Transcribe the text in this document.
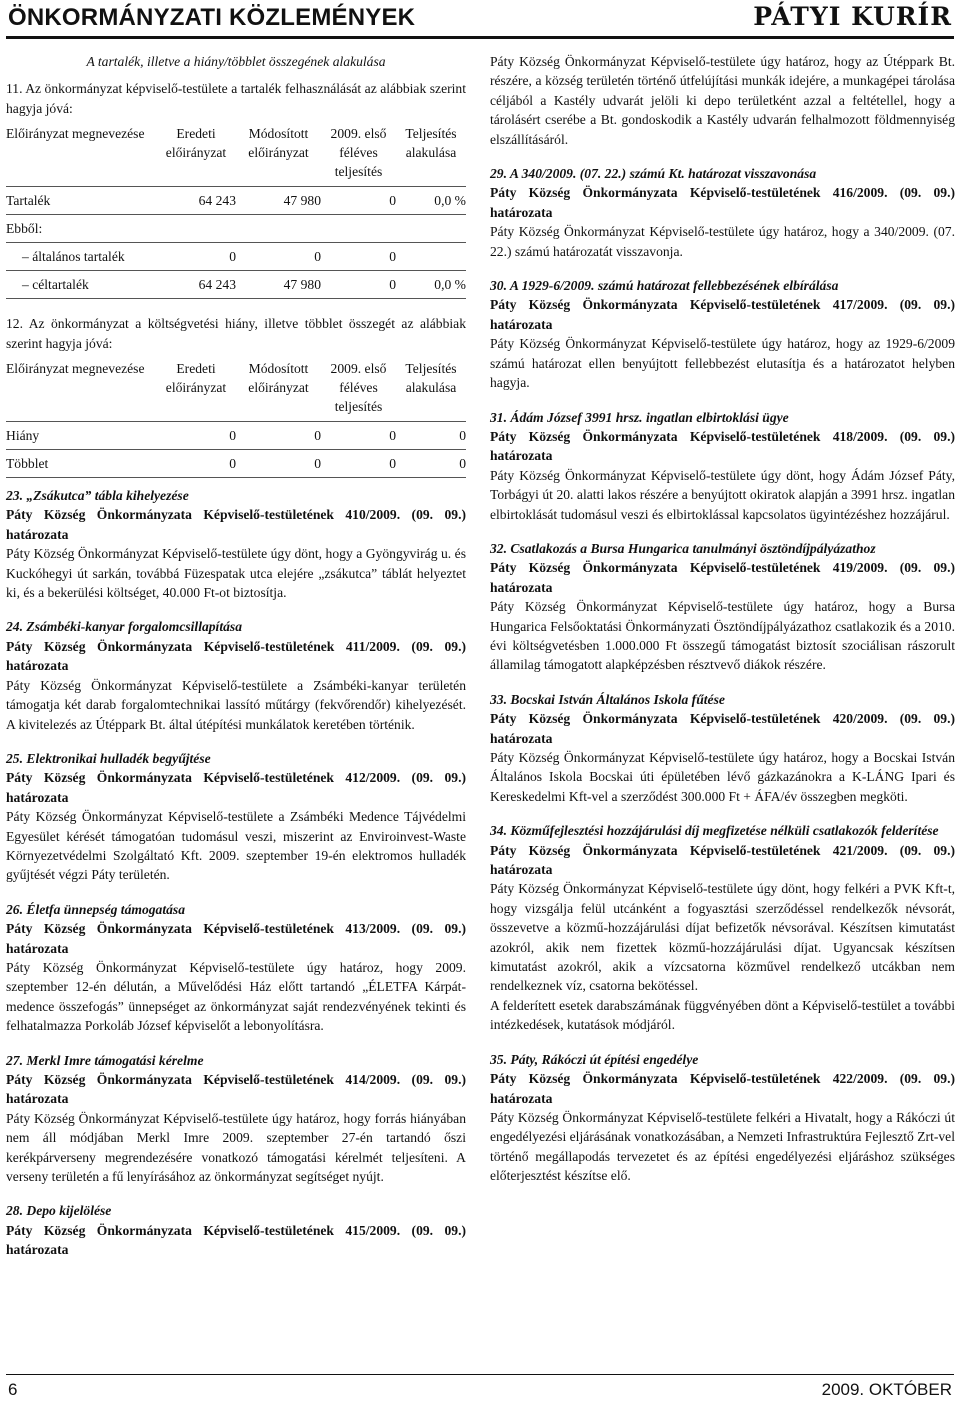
ÖNKORMÁNYZATI KÖZLEMÉNYEK	PÁTYI KURÍR

A tartalék, illetve a hiány/többlet összegének alakulása

11. Az önkormányzat képviselő-testülete a tartalék felhasználását az alábbiak szerint hagyja jóvá:

Előirányzat megnevezése	Eredeti előirányzat	Módosított előirányzat	2009. első féléves teljesítés	Teljesítés alakulása
Tartalék	64 243	47 980	0	0,0 %
Ebből:				
– általános tartalék	0	0	0	
– céltartalék	64 243	47 980	0	0,0 %

12. Az önkormányzat a költségvetési hiány, illetve többlet összegét az alábbiak szerint hagyja jóvá:

Előirányzat megnevezése	Eredeti előirányzat	Módosított előirányzat	2009. első féléves teljesítés	Teljesítés alakulása
Hiány	0	0	0	0
Többlet	0	0	0	0

23. „Zsákutca” tábla kihelyezése

Páty Község Önkormányzata Képviselő-testületének 410/2009. (09. 09.) határozata

Páty Község Önkormányzat Képviselő-testülete úgy dönt, hogy a Gyöngyvirág u. és Kuckóhegyi út sarkán, továbbá Füzespatak utca elejére „zsákutca” táblát helyeztet ki, és a bekerülési költséget, 40.000 Ft-ot biztosítja.

24. Zsámbéki-kanyar forgalomcsillapítása

Páty Község Önkormányzata Képviselő-testületének 411/2009. (09. 09.) határozata

Páty Község Önkormányzat Képviselő-testülete a Zsámbéki-kanyar területén támogatja két darab forgalomtechnikai lassító műtárgy (fekvőrendőr) kihelyezését. A kivitelezés az Útéppark Bt. által útépítési munkálatok keretében történik.

25. Elektronikai hulladék begyűjtése

Páty Község Önkormányzata Képviselő-testületének 412/2009. (09. 09.) határozata

Páty Község Önkormányzat Képviselő-testülete a Zsámbéki Medence Tájvédelmi Egyesület kérését támogatóan tudomásul veszi, miszerint az Enviroinvest-Waste Környezetvédelmi Szolgáltató Kft. 2009. szeptember 19-én elektromos hulladék gyűjtését végzi Páty területén.

26. Életfa ünnepség támogatása

Páty Község Önkormányzata Képviselő-testületének 413/2009. (09. 09.) határozata

Páty Község Önkormányzat Képviselő-testülete úgy határoz, hogy 2009. szeptember 12-én délután, a Művelődési Ház előtt tartandó „ÉLETFA Kárpát-medence összefogás” ünnepséget az önkormányzat saját rendezvényének tekinti és felhatalmazza Porkoláb József képviselőt a lebonyolításra.

27. Merkl Imre támogatási kérelme

Páty Község Önkormányzata Képviselő-testületének 414/2009. (09. 09.) határozata

Páty Község Önkormányzat Képviselő-testülete úgy határoz, hogy forrás hiányában nem áll módjában Merkl Imre 2009. szeptember 27-én tartandó őszi kerékpárverseny megrendezésére vonatkozó támogatási kérelmét teljesíteni. A verseny területén a fű lenyírásához az önkormányzat segítséget nyújt.

28. Depo kijelölése

Páty Község Önkormányzata Képviselő-testületének 415/2009. (09. 09.) határozata

Páty Község Önkormányzat Képviselő-testülete úgy határoz, hogy az Útéppark Bt. részére, a község területén történő útfelújítási munkák idejére, a munkagépei tárolása céljából a Kastély udvarát jelöli ki depo területként azzal a feltétellel, hogy a tárolásért cserébe a Bt. gondoskodik a Kastély udvarán felhalmozott földmennyiség elszállításáról.

29. A 340/2009. (07. 22.) számú Kt. határozat visszavonása

Páty Község Önkormányzata Képviselő-testületének 416/2009. (09. 09.) határozata

Páty Község Önkormányzat Képviselő-testülete úgy határoz, hogy a 340/2009. (07. 22.) számú határozatát visszavonja.

30. A 1929-6/2009. számú határozat fellebbezésének elbírálása

Páty Község Önkormányzata Képviselő-testületének 417/2009. (09. 09.) határozata

Páty Község Önkormányzat Képviselő-testülete úgy határoz, hogy az 1929-6/2009 számú határozat ellen benyújtott fellebbezést elutasítja és a határozatot helyben hagyja.

31. Ádám József 3991 hrsz. ingatlan elbirtoklási ügye

Páty Község Önkormányzata Képviselő-testületének 418/2009. (09. 09.) határozata

Páty Község Önkormányzat Képviselő-testülete úgy dönt, hogy Ádám József Páty, Torbágyi út 20. alatti lakos részére a benyújtott okiratok alapján a 3991 hrsz. ingatlan elbirtoklását tudomásul veszi és elbirtoklással kapcsolatos ügyintézéshez hozzájárul.

32. Csatlakozás a Bursa Hungarica tanulmányi ösztöndíjpályázathoz

Páty Község Önkormányzata Képviselő-testületének 419/2009. (09. 09.) határozata

Páty Község Önkormányzat Képviselő-testülete úgy határoz, hogy a Bursa Hungarica Felsőoktatási Önkormányzati Ösztöndíjpályázathoz csatlakozik és a 2010. évi költségvetésben 1.000.000 Ft összegű támogatást biztosít szociálisan rászorult államilag támogatott alapképzésben résztvevő diákok részére.

33. Bocskai István Általános Iskola fűtése

Páty Község Önkormányzata Képviselő-testületének 420/2009. (09. 09.) határozata

Páty Község Önkormányzat Képviselő-testülete úgy határoz, hogy a Bocskai István Általános Iskola Bocskai úti épületében lévő gázkazánokra a K-LÁNG Ipari és Kereskedelmi Kft-vel a szerződést 300.000 Ft + ÁFA/év összegben megköti.

34. Közműfejlesztési hozzájárulási díj megfizetése nélküli csatlakozók felderítése

Páty Község Önkormányzata Képviselő-testületének 421/2009. (09. 09.) határozata

Páty Község Önkormányzat Képviselő-testülete úgy dönt, hogy felkéri a PVK Kft-t, hogy vizsgálja felül utcánként a fogyasztási szerződéssel rendelkezők névsorát, összevetve a közmű-hozzájárulási díjat befizetők névsorával. Készítsen kimutatást azokról, akik nem fizettek közmű-hozzájárulási díjat. Ugyancsak készítsen kimutatást azokról, akik a vízcsatorna közművel rendelkező utcákban nem rendelkeznek víz, csatorna bekötéssel.

A felderített esetek darabszámának függvényében dönt a Képviselő-testület a további intézkedések, kutatások módjáról.

35. Páty, Rákóczi út építési engedélye

Páty Község Önkormányzata Képviselő-testületének 422/2009. (09. 09.) határozata

Páty Község Önkormányzat Képviselő-testülete felkéri a Hivatalt, hogy a Rákóczi út engedélyezési eljárásának vonatkozásában, a Nemzeti Infrastruktúra Fejlesztő Zrt-vel történő megállapodás tervezetet és az építési engedélyezési eljáráshoz szükséges előterjesztést készítse elő.

6	2009. OKTÓBER
